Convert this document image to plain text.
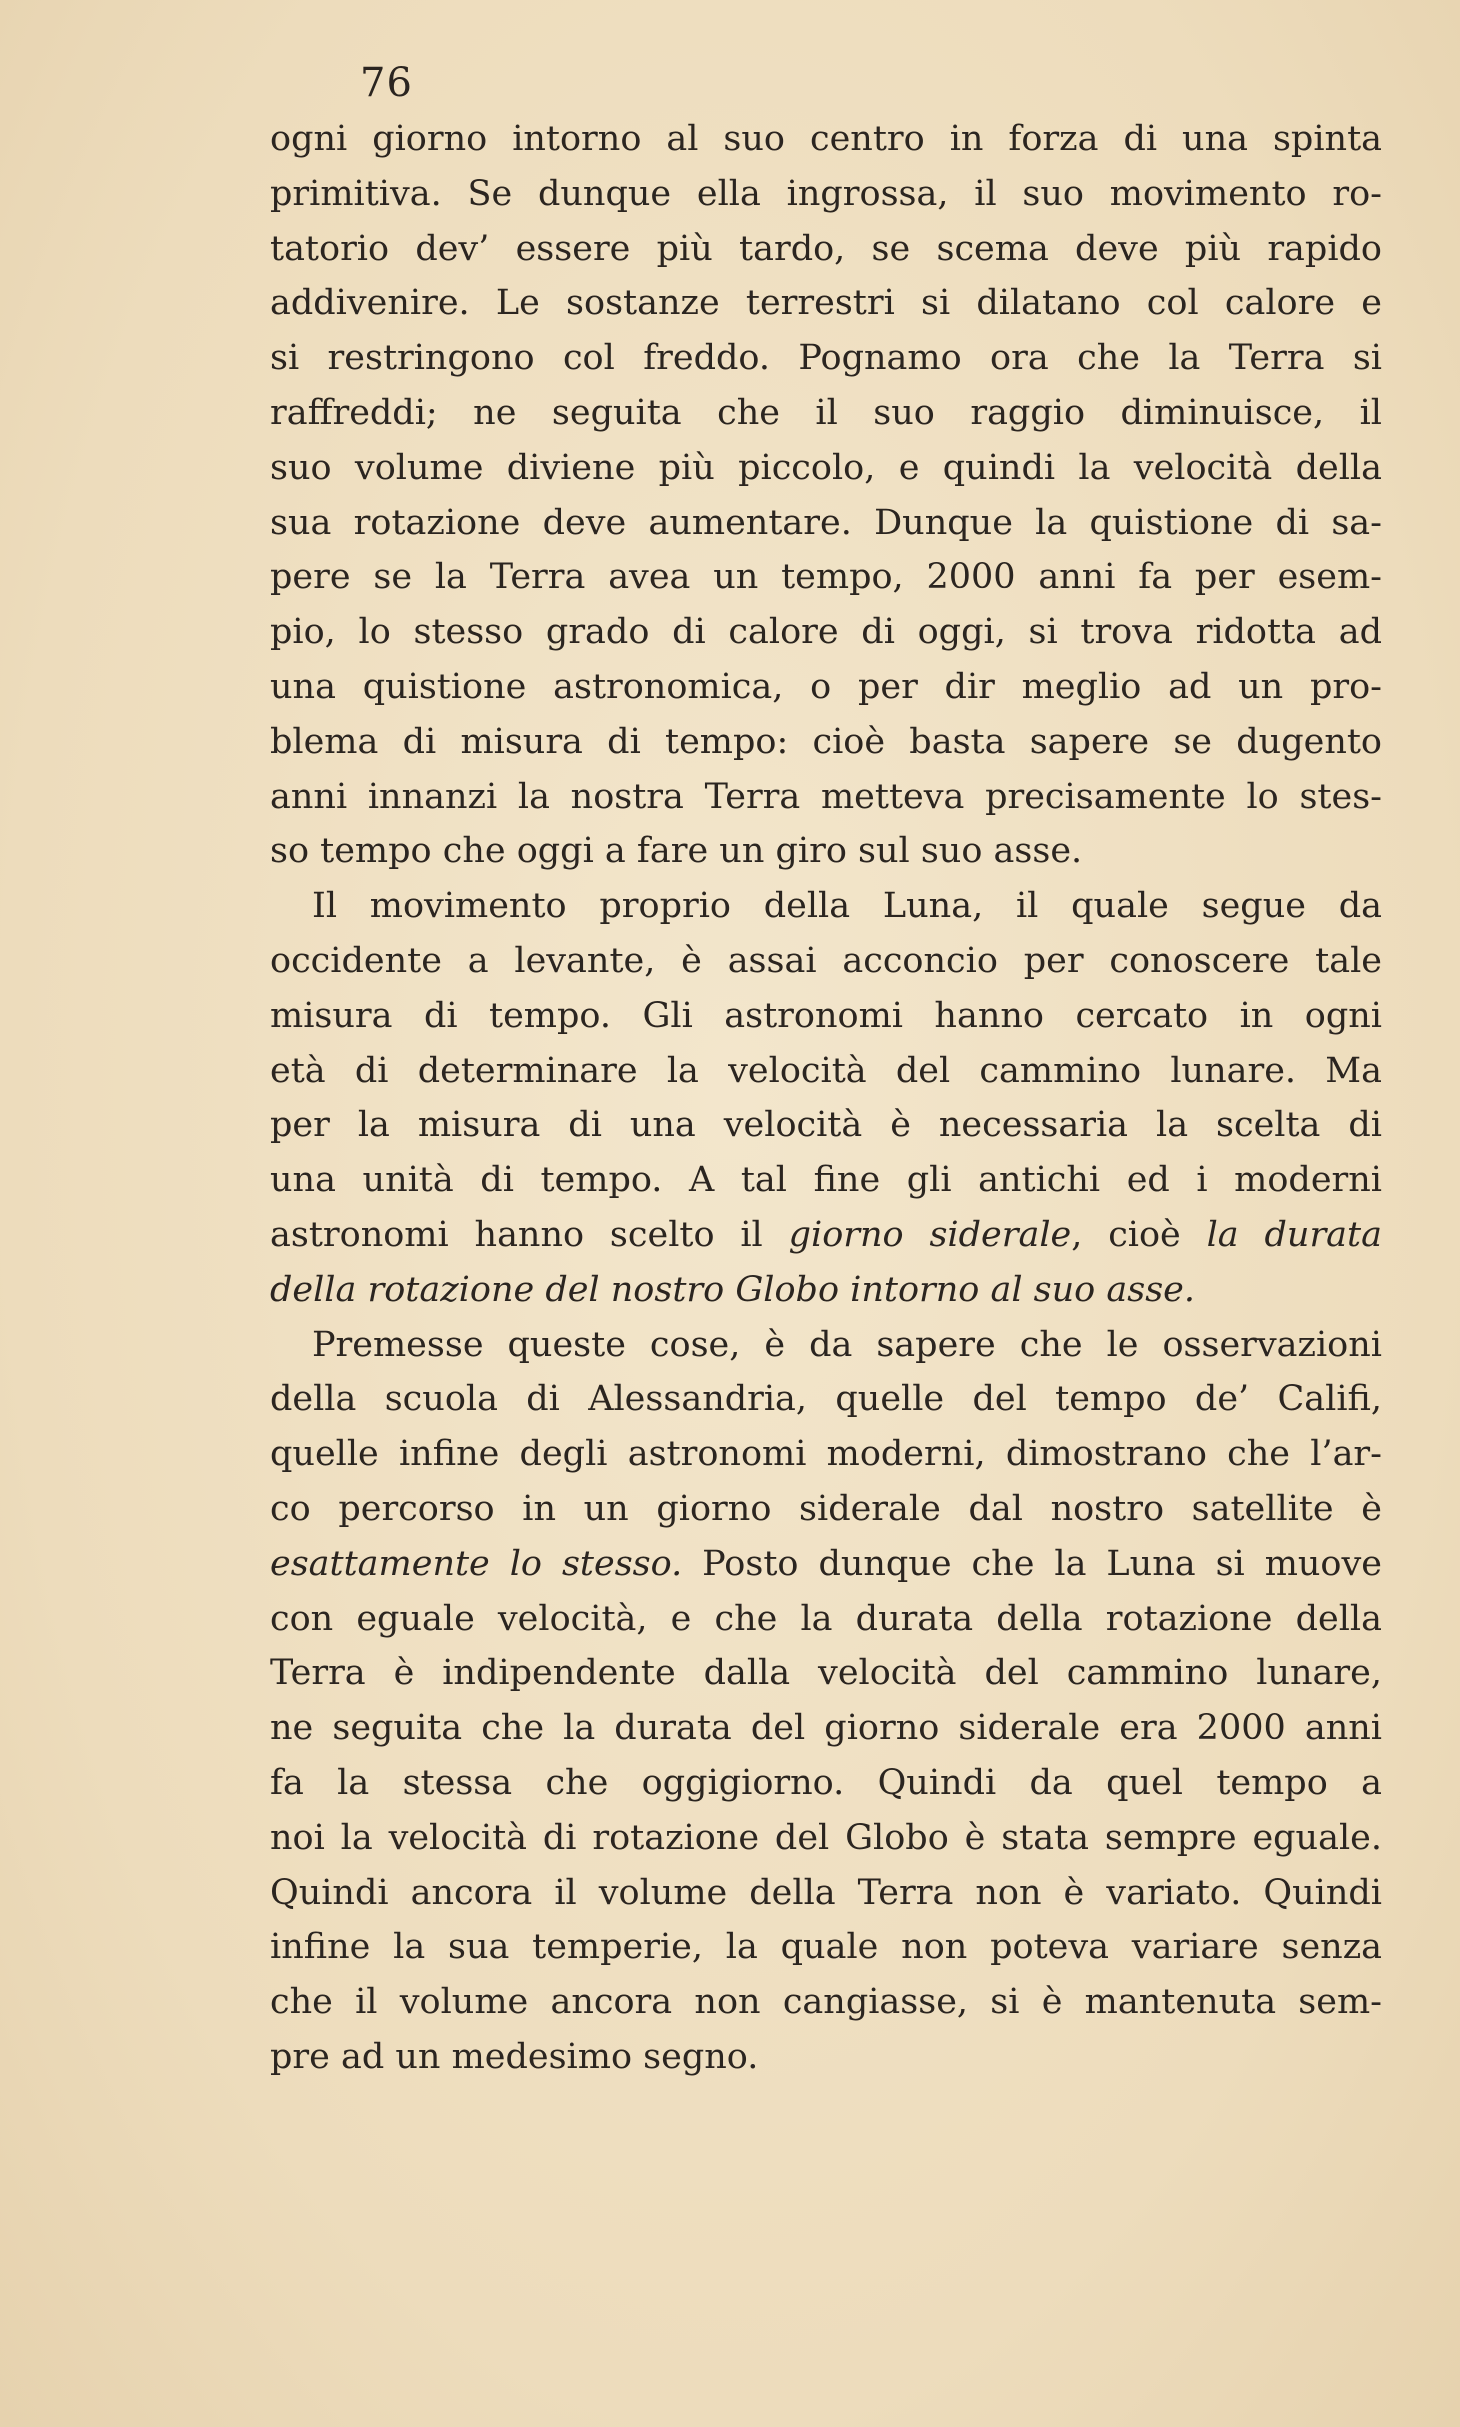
76
ogni giorno intorno al suo centro in forza di una spinta
primitiva. Se dunque ella ingrossa, il suo movimento ro-
tatorio dev’ essere più tardo, se scema deve più rapido
addivenire. Le sostanze terrestri si dilatano col calore e
si restringono col freddo. Pognamo ora che la Terra si
raffreddi; ne seguita che il suo raggio diminuisce, il
suo volume diviene più piccolo, e quindi la velocità della
sua rotazione deve aumentare. Dunque la quistione di sa-
pere se la Terra avea un tempo, 2000 anni fa per esem-
pio, lo stesso grado di calore di oggi, si trova ridotta ad
una quistione astronomica, o per dir meglio ad un pro-
blema di misura di tempo: cioè basta sapere se dugento
anni innanzi la nostra Terra metteva precisamente lo stes-
so tempo che oggi a fare un giro sul suo asse.
Il movimento proprio della Luna, il quale segue da
occidente a levante, è assai acconcio per conoscere tale
misura di tempo. Gli astronomi hanno cercato in ogni
età di determinare la velocità del cammino lunare. Ma
per la misura di una velocità è necessaria la scelta di
una unità di tempo. A tal fine gli antichi ed i moderni
astronomi hanno scelto il giorno siderale, cioè la durata
della rotazione del nostro Globo intorno al suo asse.
Premesse queste cose, è da sapere che le osservazioni
della scuola di Alessandria, quelle del tempo de’ Califi,
quelle infine degli astronomi moderni, dimostrano che l’ar-
co percorso in un giorno siderale dal nostro satellite è
esattamente lo stesso. Posto dunque che la Luna si muove
con eguale velocità, e che la durata della rotazione della
Terra è indipendente dalla velocità del cammino lunare,
ne seguita che la durata del giorno siderale era 2000 anni
fa la stessa che oggigiorno. Quindi da quel tempo a
noi la velocità di rotazione del Globo è stata sempre eguale.
Quindi ancora il volume della Terra non è variato. Quindi
infine la sua temperie, la quale non poteva variare senza
che il volume ancora non cangiasse, si è mantenuta sem-
pre ad un medesimo segno.
